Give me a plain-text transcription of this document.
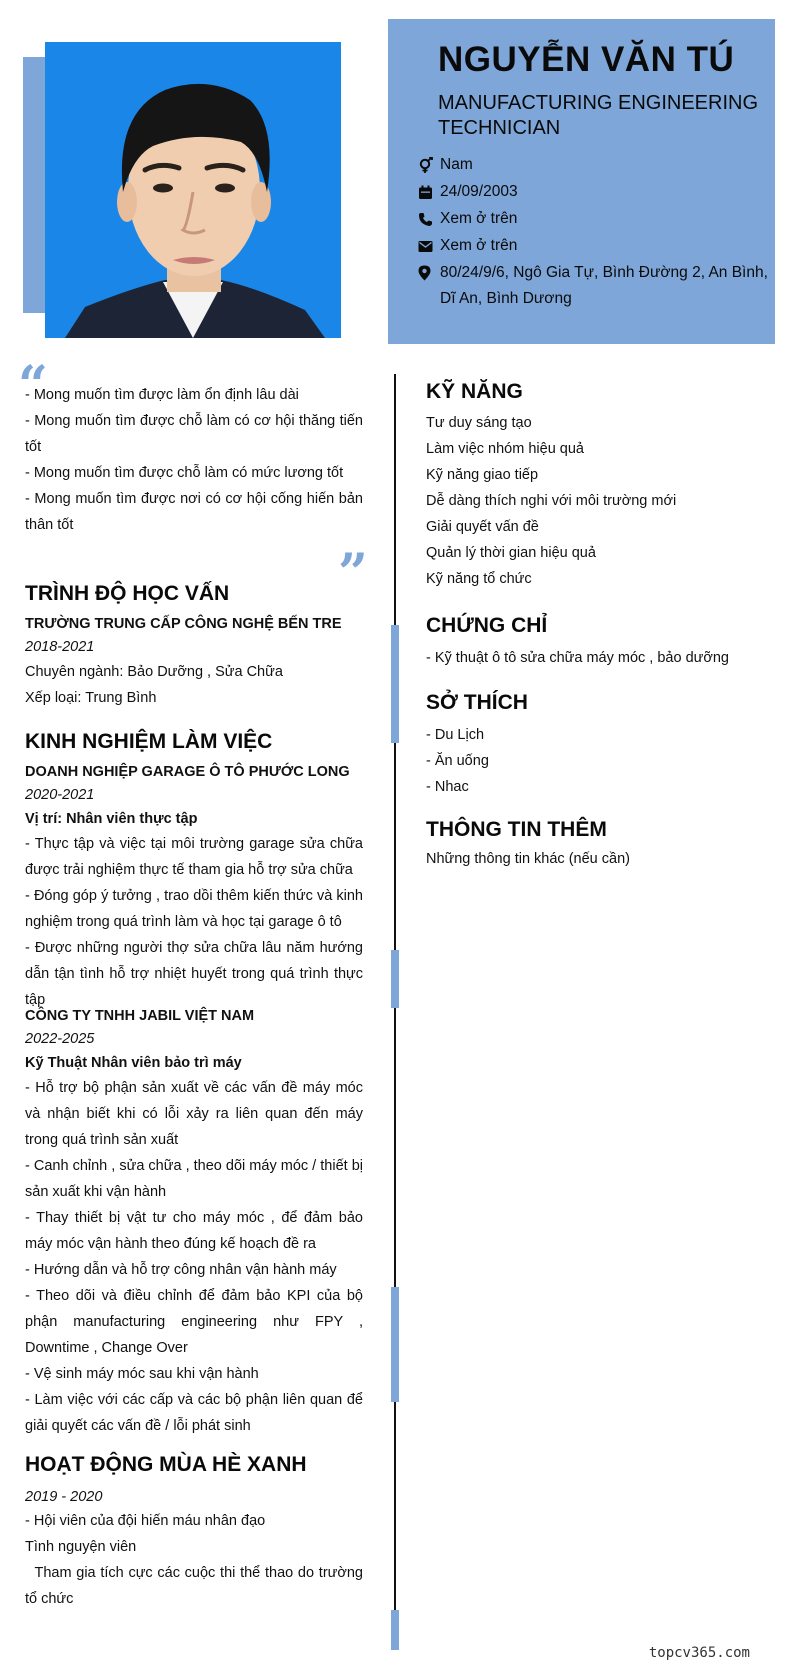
NGUYỄN VĂN TÚ
MANUFACTURING ENGINEERING TECHNICIAN
Nam
24/09/2003
Xem ở trên
Xem ở trên
80/24/9/6, Ngô Gia Tự, Bình Đường 2, An Bình, Dĩ An, Bình Dương
“
- Mong muốn tìm được làm ổn định lâu dài
- Mong muốn tìm được chỗ làm có cơ hội thăng tiến tốt
- Mong muốn tìm được chỗ làm có mức lương tốt
- Mong muốn tìm được nơi có cơ hội cống hiến bản thân tốt
”
TRÌNH ĐỘ HỌC VẤN
TRƯỜNG TRUNG CẤP CÔNG NGHỆ BẾN TRE
2018-2021
Chuyên ngành: Bảo Dưỡng , Sửa Chữa
Xếp loại: Trung Bình
KINH NGHIỆM LÀM VIỆC
DOANH NGHIỆP GARAGE Ô TÔ PHƯỚC LONG
2020-2021
Vị trí: Nhân viên thực tập
- Thực tập và việc tại môi trường garage sửa chữa được trải nghiệm thực tế tham gia hỗ trợ sửa chữa
- Đóng góp ý tưởng , trao dồi thêm kiến thức và kinh nghiệm trong quá trình làm và học tại garage ô tô
- Được những người thợ sửa chữa lâu năm hướng dẫn tận tình hỗ trợ nhiệt huyết trong quá trình thực tập
CÔNG TY TNHH JABIL VIỆT NAM
2022-2025
Kỹ Thuật Nhân viên bảo trì máy
- Hỗ trợ bộ phận sản xuất về các vấn đề máy móc và nhận biết khi có lỗi xảy ra liên quan đến máy trong quá trình sản xuất
- Canh chỉnh , sửa chữa , theo dõi máy móc / thiết bị sản xuất khi vận hành
- Thay thiết bị vật tư cho máy móc , để đảm bảo máy móc vận hành theo đúng kế hoạch đề ra
- Hướng dẫn và hỗ trợ công nhân vận hành máy
- Theo dõi và điều chỉnh để đảm bảo KPI của bộ phận manufacturing engineering như FPY , Downtime , Change Over
- Vệ sinh máy móc sau khi vận hành
- Làm việc với các cấp và các bộ phận liên quan để giải quyết các vấn đề / lỗi phát sinh
HOẠT ĐỘNG MÙA HÈ XANH
2019 - 2020
- Hội viên của đội hiến máu nhân đạo
Tình nguyện viên
Tham gia tích cực các cuộc thi thể thao do trường tổ chức
KỸ NĂNG
Tư duy sáng tạo
Làm việc nhóm hiệu quả
Kỹ năng giao tiếp
Dễ dàng thích nghi với môi trường mới
Giải quyết vấn đề
Quản lý thời gian hiệu quả
Kỹ năng tổ chức
CHỨNG CHỈ
- Kỹ thuật ô tô sửa chữa máy móc , bảo dưỡng
SỞ THÍCH
- Du Lịch
- Ăn uống
- Nhac
THÔNG TIN THÊM
Những thông tin khác (nếu cần)
topcv365.com
